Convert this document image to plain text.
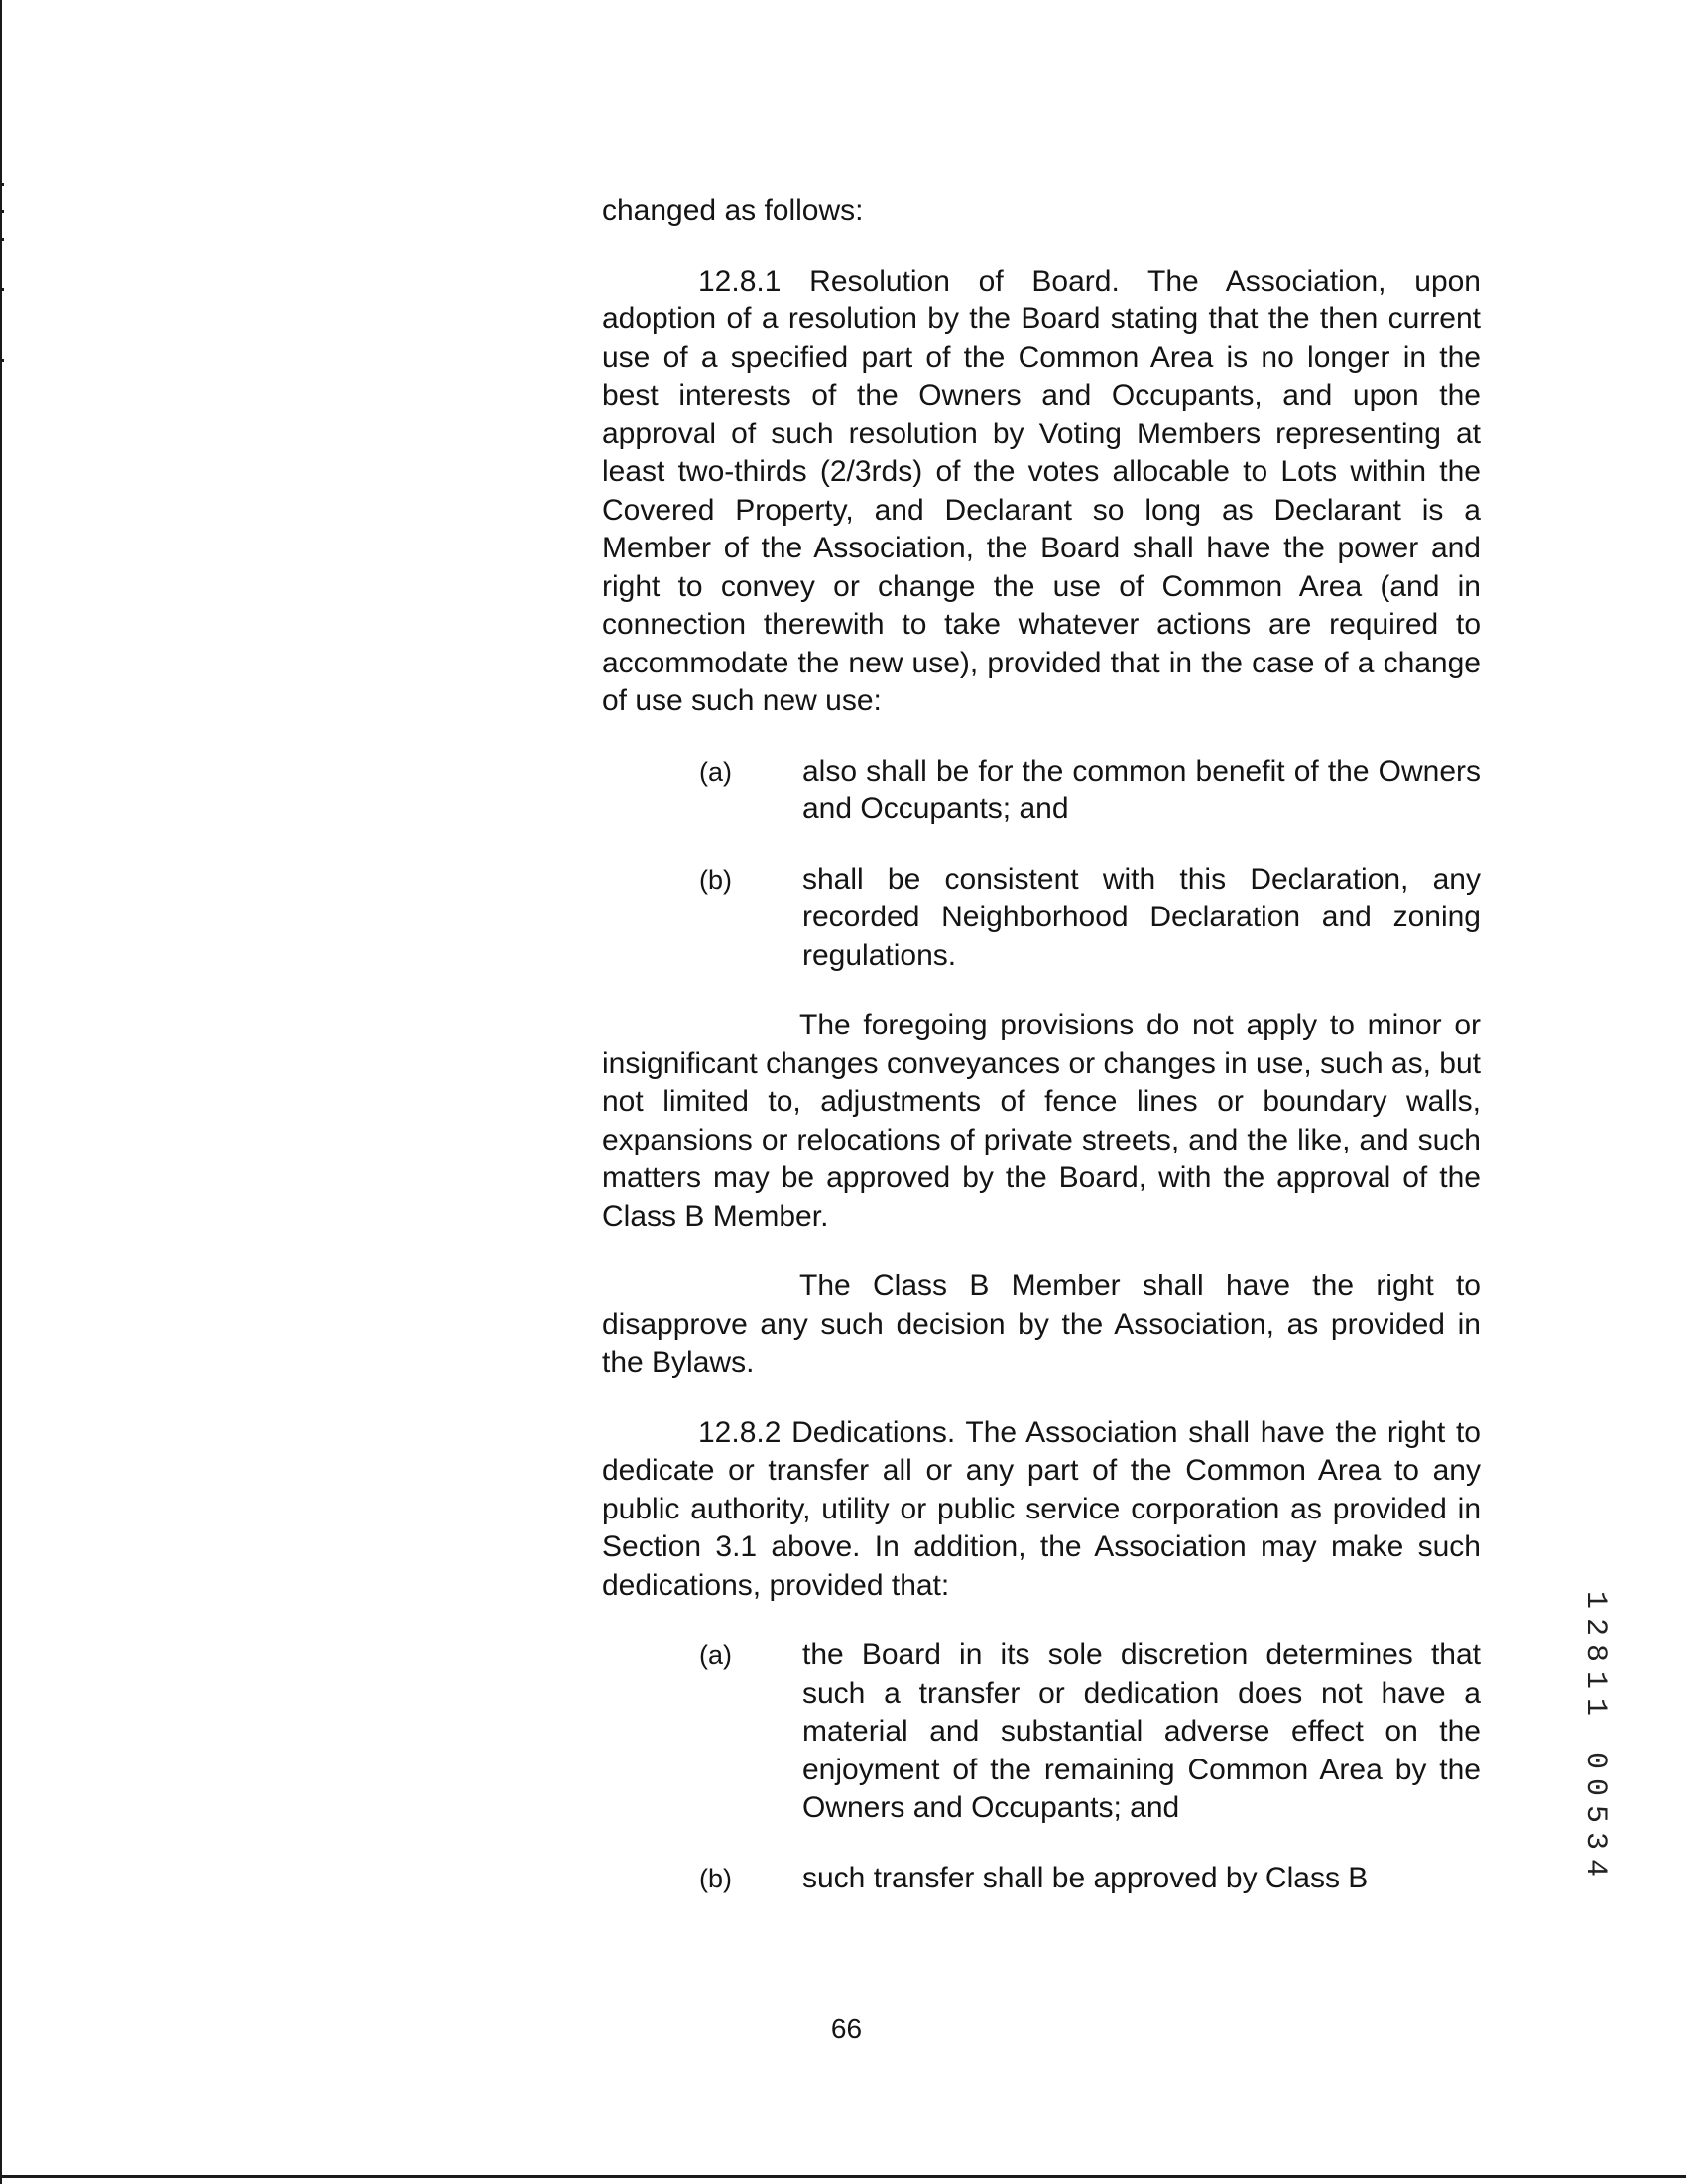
changed as follows:

12.8.1 Resolution of Board. The Association, upon adoption of a resolution by the Board stating that the then current use of a specified part of the Common Area is no longer in the best interests of the Owners and Occupants, and upon the approval of such resolution by Voting Members representing at least two-thirds (2/3rds) of the votes allocable to Lots within the Covered Property, and Declarant so long as Declarant is a Member of the Association, the Board shall have the power and right to convey or change the use of Common Area (and in connection therewith to take whatever actions are required to accommodate the new use), provided that in the case of a change of use such new use:

(a)	also shall be for the common benefit of the Owners and Occupants; and
(b)	shall be consistent with this Declaration, any recorded Neighborhood Declaration and zoning regulations.

The foregoing provisions do not apply to minor or insignificant changes conveyances or changes in use, such as, but not limited to, adjustments of fence lines or boundary walls, expansions or relocations of private streets, and the like, and such matters may be approved by the Board, with the approval of the Class B Member.

The Class B Member shall have the right to disapprove any such decision by the Association, as provided in the Bylaws.

12.8.2 Dedications. The Association shall have the right to dedicate or transfer all or any part of the Common Area to any public authority, utility or public service corporation as provided in Section 3.1 above. In addition, the Association may make such dedications, provided that:

(a)	the Board in its sole discretion determines that such a transfer or dedication does not have a material and substantial adverse effect on the enjoyment of the remaining Common Area by the Owners and Occupants; and
(b)	such transfer shall be approved by Class B
66
12811 00534
